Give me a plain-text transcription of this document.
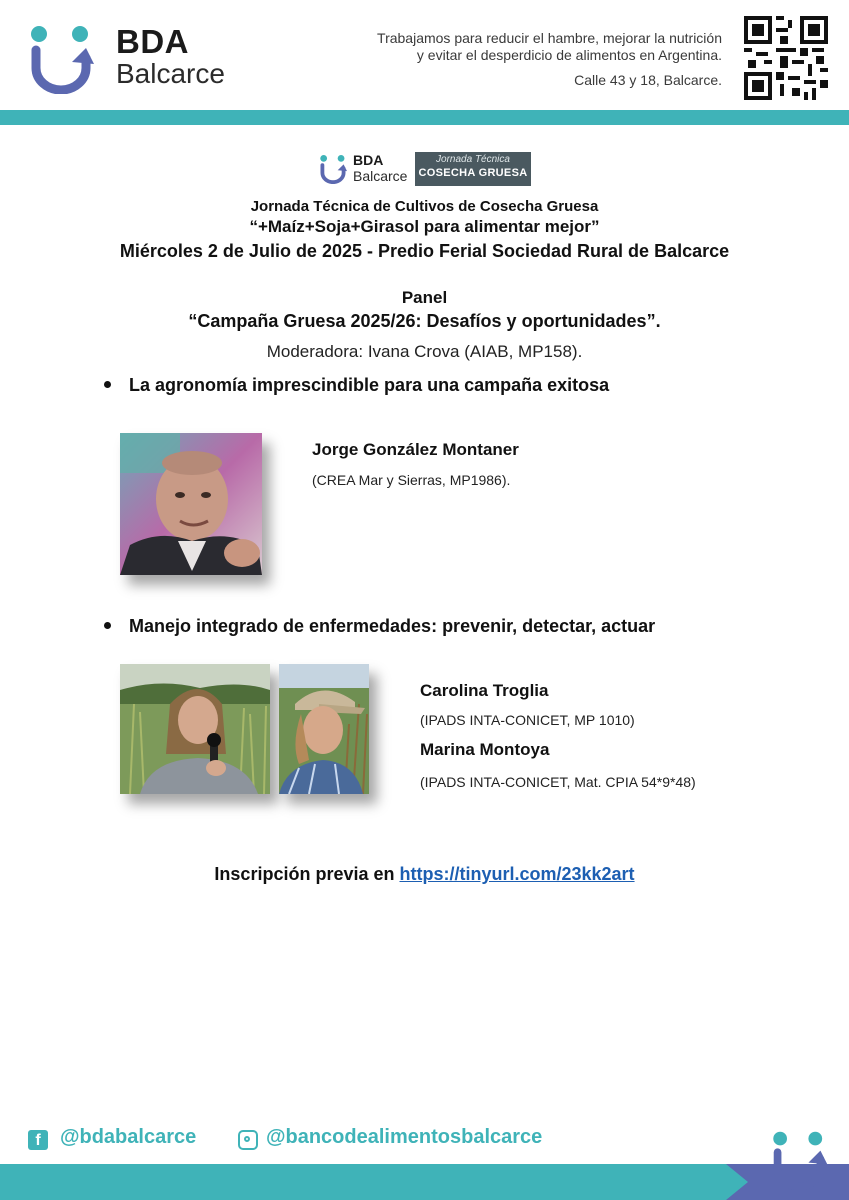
BDA
Balcarce
Trabajamos para reducir el hambre, mejorar la nutrición
y evitar el desperdicio de alimentos en Argentina.
Calle 43 y 18, Balcarce.
BDA
Balcarce
Jornada Técnica
COSECHA GRUESA
Jornada Técnica de Cultivos de Cosecha Gruesa
“+Maíz+Soja+Girasol para alimentar mejor”
Miércoles 2 de Julio de 2025 - Predio Ferial Sociedad Rural de Balcarce
Panel
“Campaña Gruesa 2025/26: Desafíos y oportunidades”.
Moderadora: Ivana Crova (AIAB, MP158).
La agronomía imprescindible para una campaña exitosa
Jorge González Montaner
(CREA Mar y Sierras, MP1986).
Manejo integrado de enfermedades: prevenir, detectar, actuar
Carolina Troglia
(IPADS INTA-CONICET, MP 1010)
Marina Montoya
(IPADS INTA-CONICET, Mat. CPIA 54*9*48)
Inscripción previa en https://tinyurl.com/23kk2art
f @bdabalcarce	@bancodealimentosbalcarce
